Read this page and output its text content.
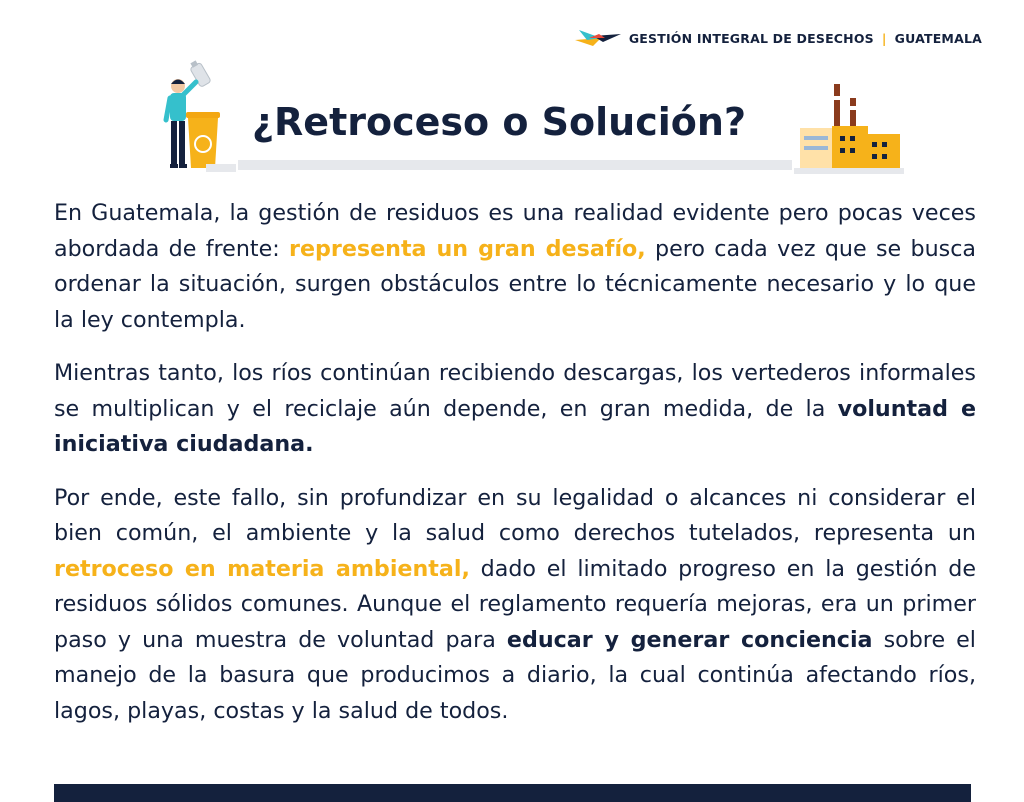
GESTIÓN INTEGRAL DE DESECHOS | GUATEMALA
¿Retroceso o Solución?

En Guatemala, la gestión de residuos es una realidad evidente pero pocas veces abordada de frente: representa un gran desafío, pero cada vez que se busca ordenar la situación, surgen obstáculos entre lo técnicamente necesario y lo que la ley contempla.

Mientras tanto, los ríos continúan recibiendo descargas, los vertederos informales se multiplican y el reciclaje aún depende, en gran medida, de la voluntad e iniciativa ciudadana.

Por ende, este fallo, sin profundizar en su legalidad o alcances ni considerar el bien común, el ambiente y la salud como derechos tutelados, representa un retroceso en materia ambiental, dado el limitado progreso en la gestión de residuos sólidos comunes. Aunque el reglamento requería mejoras, era un primer paso y una muestra de voluntad para educar y generar conciencia sobre el manejo de la basura que producimos a diario, la cual continúa afectando ríos, lagos, playas, costas y la salud de todos.
